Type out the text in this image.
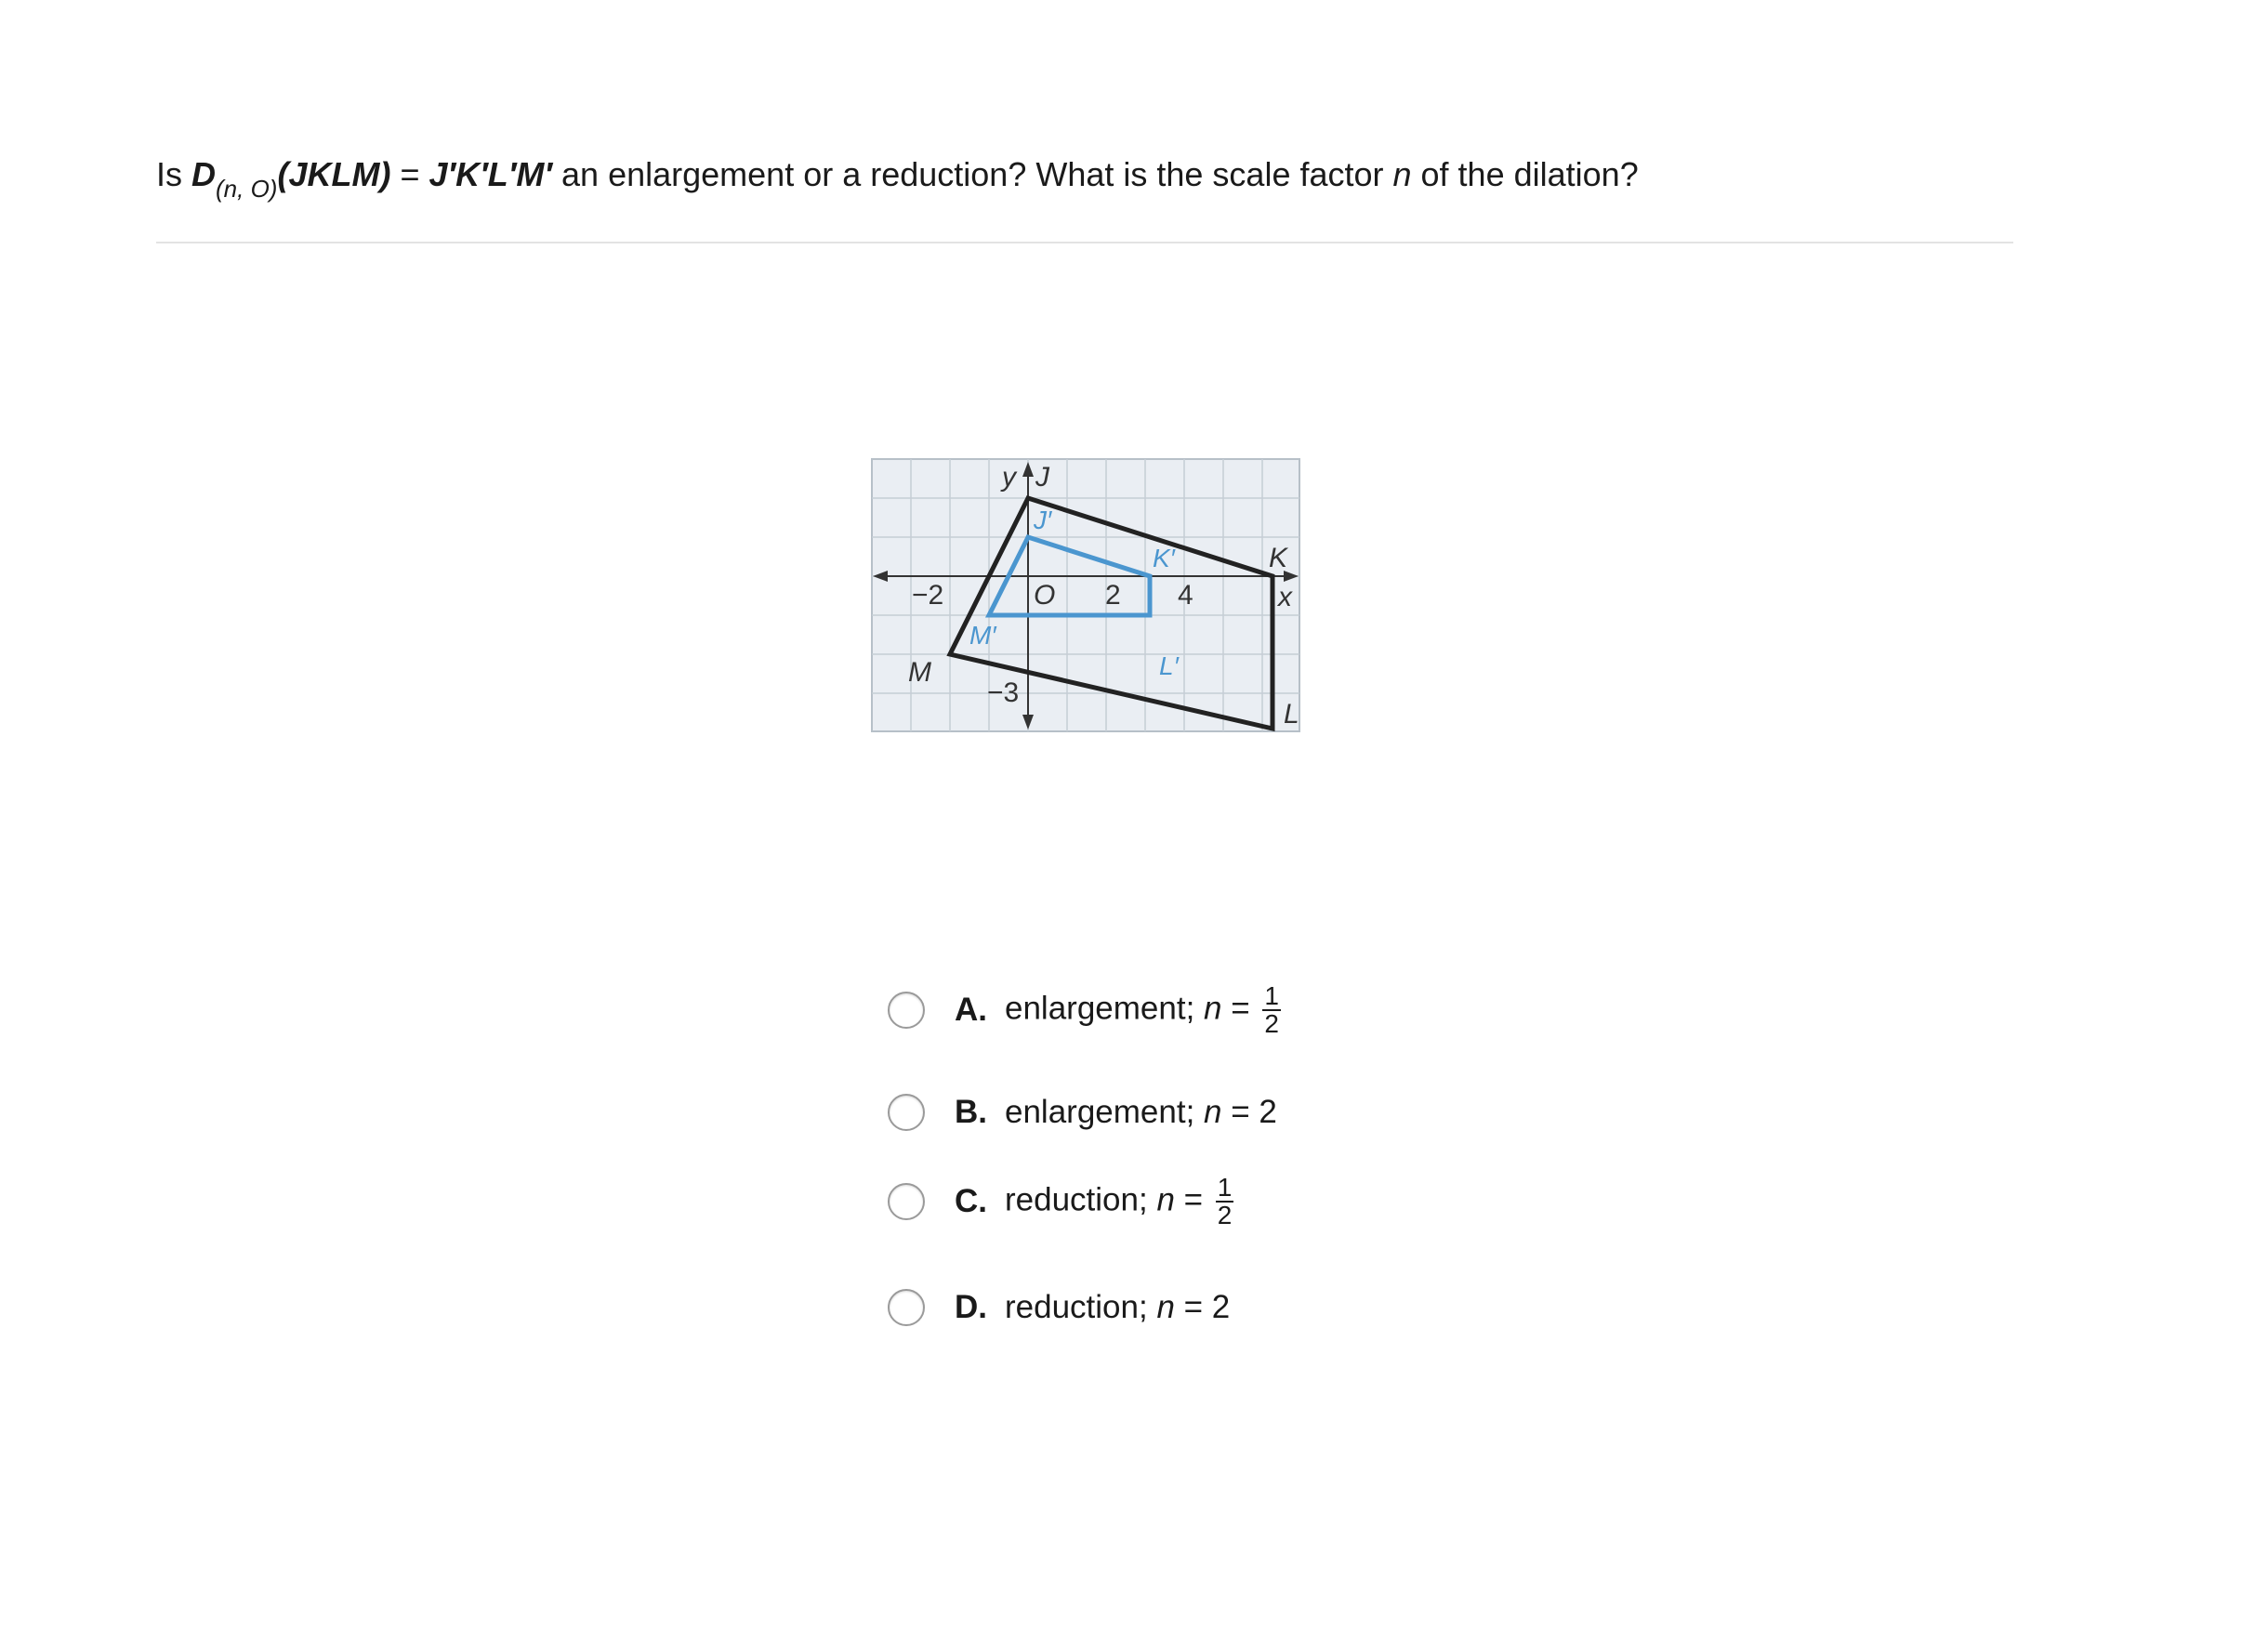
Is $D_{(n, O)}(JKLM) = J'K'L'M'$ an enlargement or a reduction? What is the scale factor n of the dilation?
y
x
−2	O 2 4
−3
J
K
L
M
J′
K′
L′
M′
A. enlargement; $n = \frac{1}{2}$
B. enlargement; n = 2
C. reduction; $n = \frac{1}{2}$
D. reduction; n = 2
